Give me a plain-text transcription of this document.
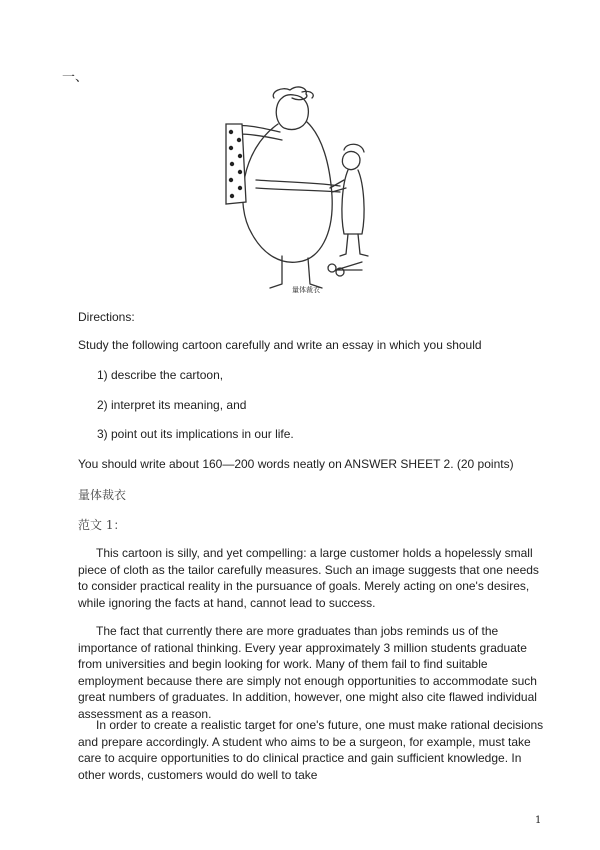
一、
量体裁衣
Directions:
Study the following cartoon carefully and write an essay in which you should
1) describe the cartoon,
2) interpret its meaning, and
3) point out its implications in our life.
You should write about 160—200 words neatly on ANSWER SHEET 2. (20 points)
量体裁衣
范文 1：

This cartoon is silly, and yet compelling: a large customer holds a hopelessly small piece of cloth as the tailor carefully measures. Such an image suggests that one needs to consider practical reality in the pursuance of goals. Merely acting on one's desires, while ignoring the facts at hand, cannot lead to success.

The fact that currently there are more graduates than jobs reminds us of the importance of rational thinking. Every year approximately 3 million students graduate from universities and begin looking for work. Many of them fail to find suitable employment because there are simply not enough opportunities to accommodate such great numbers of graduates. In addition, however, one might also cite flawed individual assessment as a reason.

In order to create a realistic target for one's future, one must make rational decisions and prepare accordingly. A student who aims to be a surgeon, for example, must take care to acquire opportunities to do clinical practice and gain sufficient knowledge. In other words, customers would do well to take

1
